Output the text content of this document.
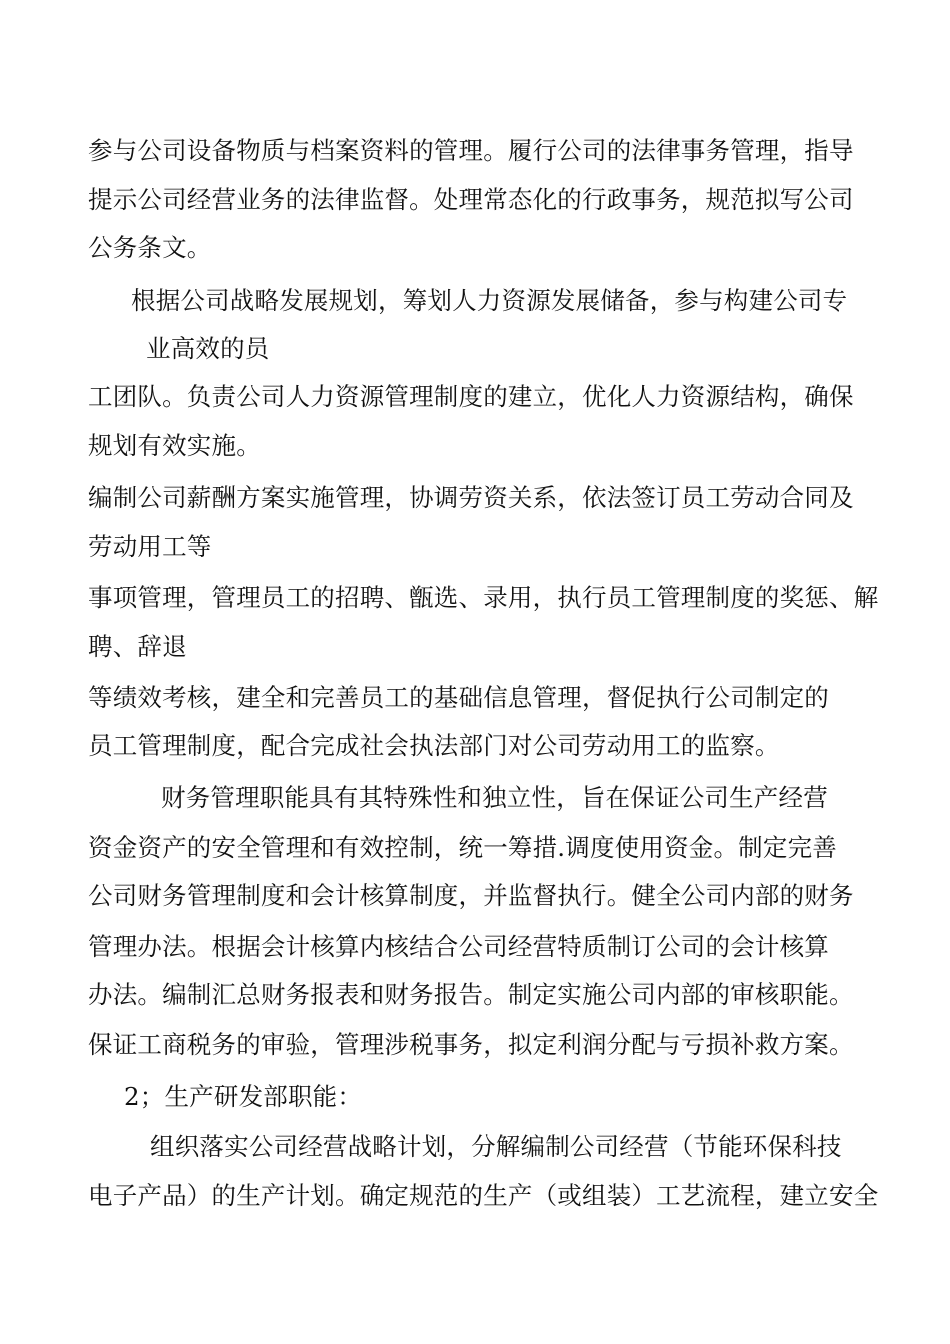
参与公司设备物质与档案资料的管理。履行公司的法律事务管理，指导
提示公司经营业务的法律监督。处理常态化的行政事务，规范拟写公司
公务条文。
根据公司战略发展规划，筹划人力资源发展储备，参与构建公司专
业高效的员
工团队。负责公司人力资源管理制度的建立，优化人力资源结构，确保
规划有效实施。
编制公司薪酬方案实施管理，协调劳资关系，依法签订员工劳动合同及
劳动用工等
事项管理，管理员工的招聘、甑选、录用，执行员工管理制度的奖惩、解
聘、辞退
等绩效考核，建全和完善员工的基础信息管理，督促执行公司制定的
员工管理制度，配合完成社会执法部门对公司劳动用工的监察。
财务管理职能具有其特殊性和独立性，旨在保证公司生产经营
资金资产的安全管理和有效控制，统一筹措.调度使用资金。制定完善
公司财务管理制度和会计核算制度，并监督执行。健全公司内部的财务
管理办法。根据会计核算内核结合公司经营特质制订公司的会计核算
办法。编制汇总财务报表和财务报告。制定实施公司内部的审核职能。
保证工商税务的审验，管理涉税事务，拟定利润分配与亏损补救方案。
2；生产研发部职能：
组织落实公司经营战略计划，分解编制公司经营（节能环保科技
电子产品）的生产计划。确定规范的生产（或组装）工艺流程，建立安全
